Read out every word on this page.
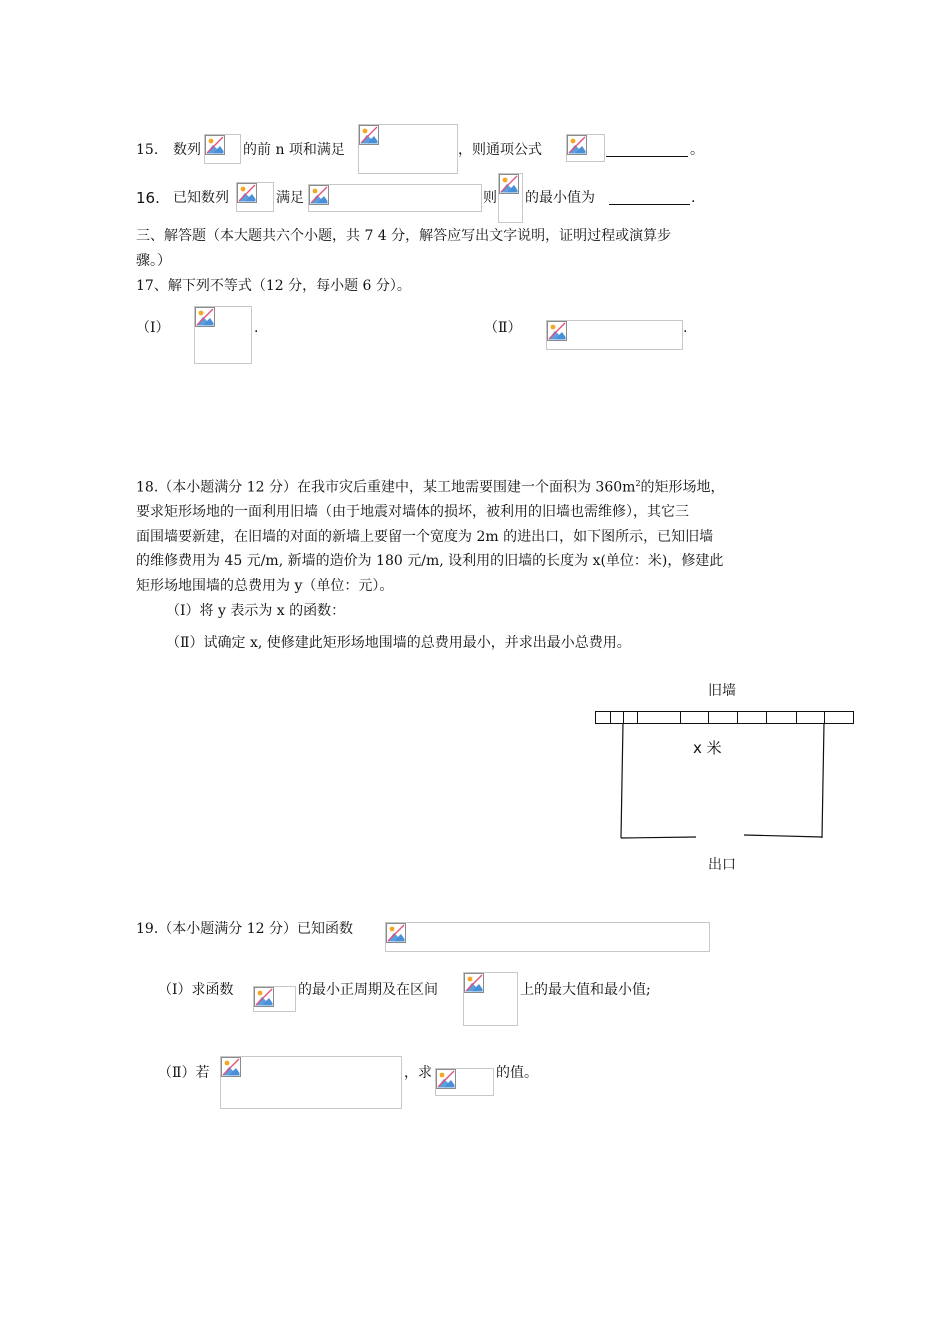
15. 数列	的前 n 项和满足	，则通项公式	。
16. 已知数列	满足	则 的最小值为	.
三、解答题（本大题共六个小题，共 7 4 分，解答应写出文字说明，证明过程或演算步
骤。）
17、解下列不等式（12 分，每小题 6 分）。
（Ⅰ）	.	（Ⅱ）	.
18.（本小题满分 12 分）在我市灾后重建中，某工地需要围建一个面积为 $360m^2$的矩形场地，
要求矩形场地的一面利用旧墙（由于地震对墙体的损坏，被利用的旧墙也需维修），其它三
面围墙要新建，在旧墙的对面的新墙上要留一个宽度为 2m 的进出口，如下图所示，已知旧墙
的维修费用为 45 元/m, 新墙的造价为 180 元/m, 设利用的旧墙的长度为 x(单位：米)，修建此
矩形场地围墙的总费用为 y（单位：元）。
（Ⅰ）将 y 表示为 x 的函数：
（Ⅱ）试确定 x, 使修建此矩形场地围墙的总费用最小，并求出最小总费用。
旧墙
x 米
出口
19.（本小题满分 12 分）已知函数
（Ⅰ）求函数	的最小正周期及在区间	上的最大值和最小值;
（Ⅱ）若	，求	的值。
